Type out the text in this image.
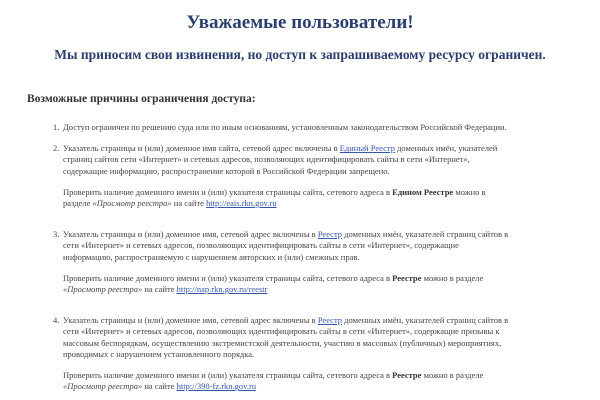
Уважаемые пользователи!
Мы приносим свои извинения, но доступ к запрашиваемому ресурсу ограничен.
Возможные причины ограничения доступа:
1. Доступ ограничен по решению суда или по иным основаниям, установленным законодательством Российской Федерации.

2. Указатель страницы и (или) доменное имя сайта, сетевой адрес включены в Единый Реестр доменных имён, указателей страниц сайтов сети «Интернет» и сетевых адресов, позволяющих идентифицировать сайты в сети «Интернет», содержащие информацию, распространение которой в Российской Федерации запрещено.

Проверить наличие доменного имени и (или) указателя страницы сайта, сетевого адреса в Едином Реестре можно в разделе «Просмотр реестра» на сайте http://eais.rkn.gov.ru

3. Указатель страницы и (или) доменное имя, сетевой адрес включены в Реестр доменных имён, указателей страниц сайтов в сети «Интернет» и сетевых адресов, позволяющих идентифицировать сайты в сети «Интернет», содержащие информацию, распространяемую с нарушением авторских и (или) смежных прав.

Проверить наличие доменного имени и (или) указателя страницы сайта, сетевого адреса в Реестре можно в разделе «Просмотр реестра» на сайте http://nap.rkn.gov.ru/reestr

4. Указатель страницы и (или) доменное имя, сетевой адрес включены в Реестр доменных имён, указателей страниц сайтов в сети «Интернет» и сетевых адресов, позволяющих идентифицировать сайты в сети «Интернет», содержащие призывы к массовым беспорядкам, осуществлению экстремистской деятельности, участию в массовых (публичных) мероприятиях, проводимых с нарушением установленного порядка.

Проверить наличие доменного имени и (или) указателя страницы сайта, сетевого адреса в Реестре можно в разделе «Просмотр реестра» на сайте http://398-fz.rkn.gov.ru
